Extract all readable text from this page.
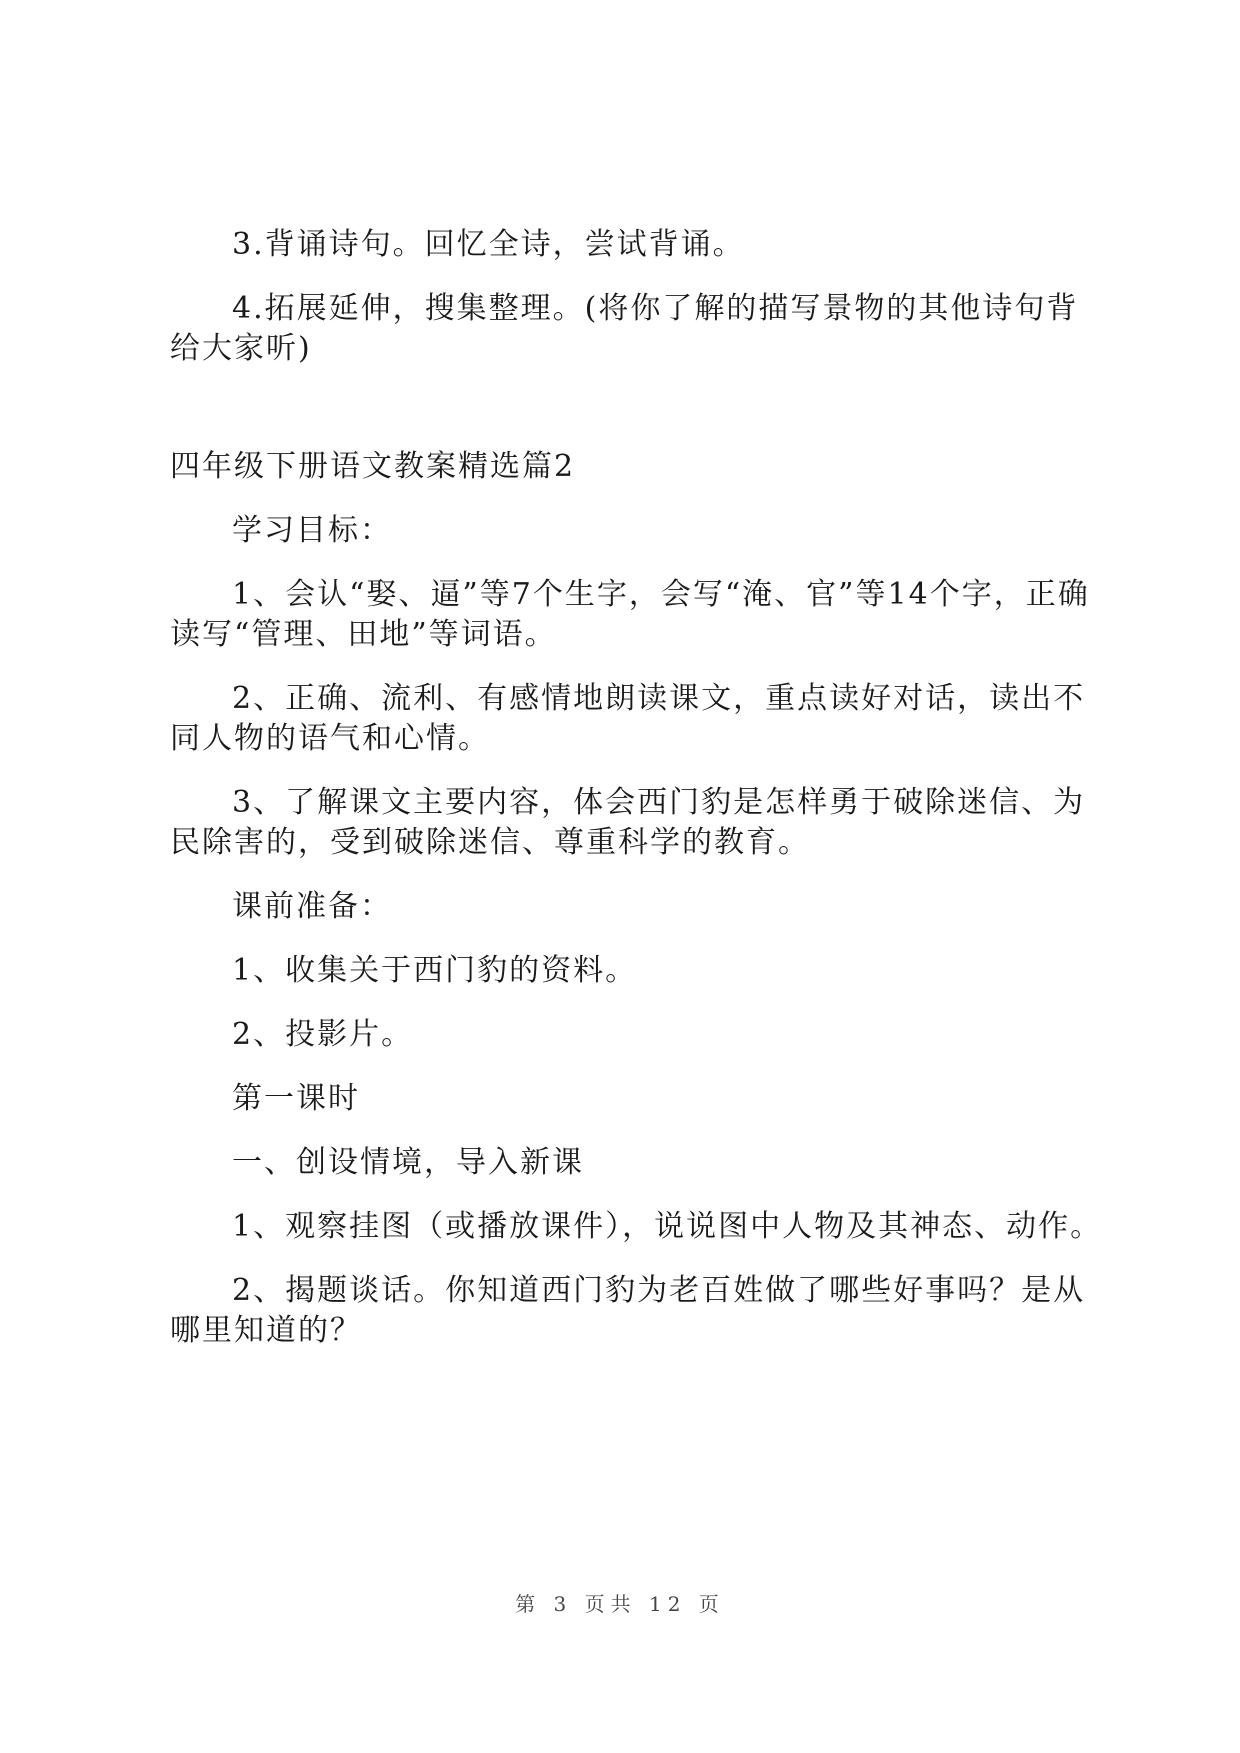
3.背诵诗句。回忆全诗，尝试背诵。

4.拓展延伸，搜集整理。(将你了解的描写景物的其他诗句背给大家听)

四年级下册语文教案精选篇2

学习目标：

1、会认“娶、逼”等7个生字，会写“淹、官”等14个字，正确读写“管理、田地”等词语。

2、正确、流利、有感情地朗读课文，重点读好对话，读出不同人物的语气和心情。

3、了解课文主要内容，体会西门豹是怎样勇于破除迷信、为民除害的，受到破除迷信、尊重科学的教育。

课前准备：

1、收集关于西门豹的资料。

2、投影片。

第一课时

一、创设情境，导入新课

1、观察挂图（或播放课件），说说图中人物及其神态、动作。

2、揭题谈话。你知道西门豹为老百姓做了哪些好事吗？是从哪里知道的？

第 3 页共 12 页
